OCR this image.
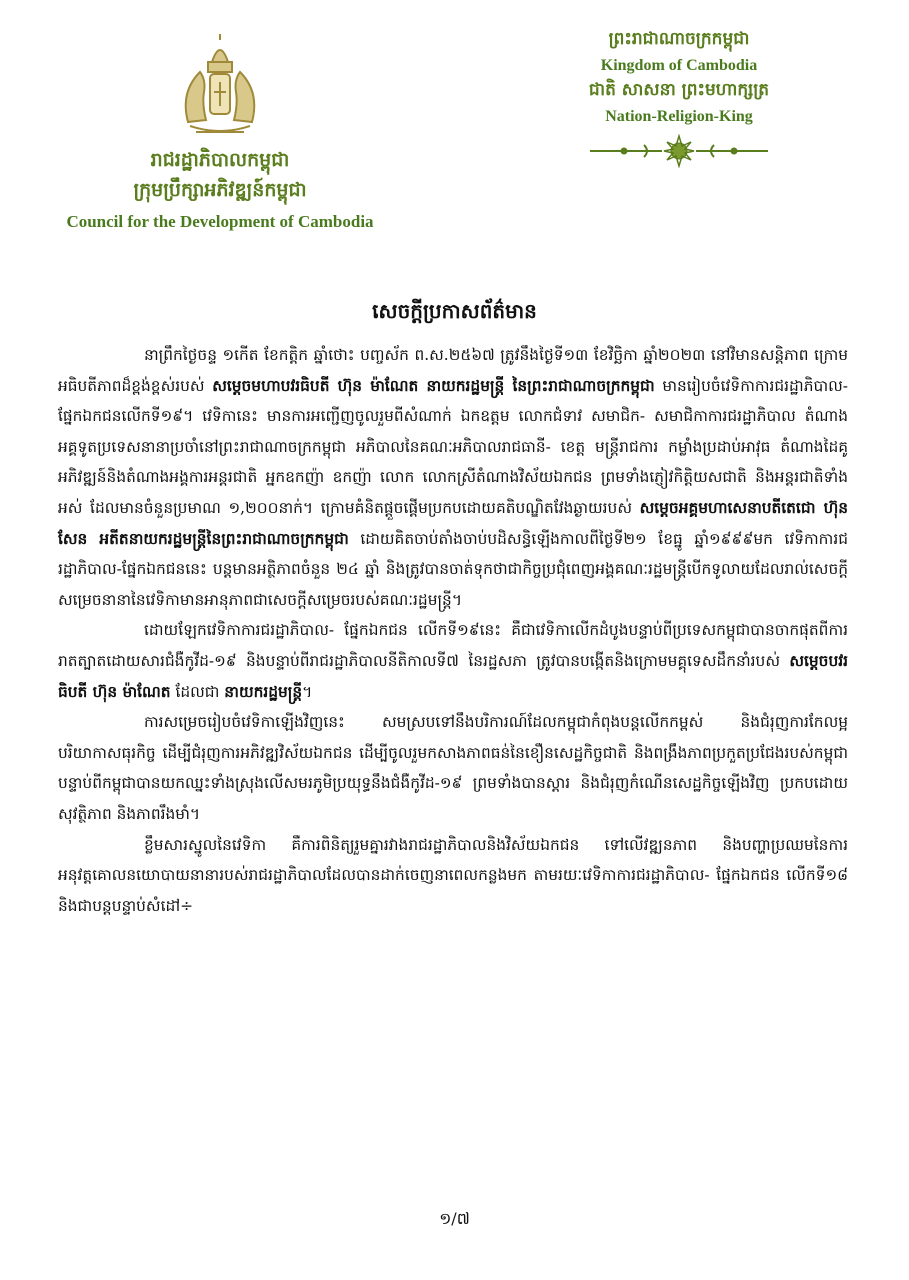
រាជរដ្ឋាភិបាលកម្ពុជា
ក្រុមប្រឹក្សាអភិវឌ្ឍន៍កម្ពុជា
Council for the Development of Cambodia
ព្រះរាជាណាចក្រកម្ពុជា
Kingdom of Cambodia
ជាតិ សាសនា ព្រះមហាក្សត្រ
Nation-Religion-King
សេចក្តីប្រកាសព័ត៌មាន

នាព្រឹកថ្ងៃចន្ទ ១កើត ខែកត្តិក ឆ្នាំថោះ បញ្ចស័ក ព.ស.២៥៦៧ ត្រូវនឹងថ្ងៃទី១៣ ខែវិច្ឆិកា ឆ្នាំ២០២៣ នៅវិមានសន្តិភាព ក្រោមអធិបតីភាពដ៏ខ្ពង់ខ្ពស់របស់ សម្តេចមហាបវរធិបតី ហ៊ុន ម៉ាណែត នាយករដ្ឋមន្ត្រី នៃព្រះរាជាណាចក្រកម្ពុជា មានរៀបចំវេទិកាការជរដ្ឋាភិបាល-ផ្នែកឯកជនលើកទី១៩។ វេទិកានេះ មានការអញ្ជើញចូលរួមពីសំណាក់ ឯកឧត្តម លោកជំទាវ សមាជិក- សមាជិកាការជរដ្ឋាភិបាល តំណាងអគ្គទូតប្រទេសនានាប្រចាំនៅព្រះរាជាណាចក្រកម្ពុជា អភិបាលនៃគណៈអភិបាលរាជធានី- ខេត្ត មន្ត្រីរាជការ កម្លាំងប្រដាប់អាវុធ តំណាងដៃគូអភិវឌ្ឍន៍និងតំណាងអង្គការអន្តរជាតិ អ្នកឧកញ៉ា ឧកញ៉ា លោក លោកស្រីតំណាងវិស័យឯកជន ព្រមទាំងភ្ញៀវកិត្តិយសជាតិ និងអន្តរជាតិទាំងអស់ ដែលមានចំនួនប្រមាណ ១,២០០នាក់។ ក្រោមគំនិតផ្តួចផ្តើមប្រកបដោយគតិបណ្ឌិតវែងឆ្ងាយរបស់ សម្តេចអគ្គមហាសេនាបតីតេជោ ហ៊ុន សែន អតីតនាយករដ្ឋមន្ត្រីនៃព្រះរាជាណាចក្រកម្ពុជា ដោយគិតចាប់តាំងចាប់បដិសន្ធិឡើងកាលពីថ្ងៃទី២១ ខែធ្នូ ឆ្នាំ១៩៩៩មក វេទិកាការជរដ្ឋាភិបាល-ផ្នែកឯកជននេះ បន្តមានអត្ថិភាពចំនួន ២៤ ឆ្នាំ និងត្រូវបានចាត់ទុកថាជាកិច្ចប្រជុំពេញអង្គគណៈរដ្ឋមន្ត្រីបើកទូលាយដែលរាល់សេចក្តីសម្រេចនានានៃវេទិកាមានអានុភាពជាសេចក្តីសម្រេចរបស់គណៈរដ្ឋមន្ត្រី។

ដោយឡែកវេទិកាការជរដ្ឋាភិបាល- ផ្នែកឯកជន លើកទី១៩នេះ គឺជាវេទិកាលើកដំបូងបន្ទាប់ពីប្រទេសកម្ពុជាបានចាកផុតពីការរាតត្បាតដោយសារជំងឺកូវីដ-១៩ និងបន្ទាប់ពីរាជរដ្ឋាភិបាលនីតិកាលទី៧ នៃរដ្ឋសភា ត្រូវបានបង្កើតនិងក្រោមមគ្គុទេសដឹកនាំរបស់ សម្តេចបវរធិបតី ហ៊ុន ម៉ាណែត ដែលជា នាយករដ្ឋមន្ត្រី។

ការសម្រេចរៀបចំវេទិកាឡើងវិញនេះ សមស្របទៅនឹងបរិការណ៍ដែលកម្ពុជាកំពុងបន្តលើកកម្ពស់ និងជំរុញការកែលម្អបរិយាកាសធុរកិច្ច ដើម្បីជំរុញការអភិវឌ្ឍវិស័យឯកជន ដើម្បីចូលរួមកសាងភាពធន់នៃខឿនសេដ្ឋកិច្ចជាតិ និងពង្រឹងភាពប្រកួតប្រជែងរបស់កម្ពុជា បន្ទាប់ពីកម្ពុជាបានយកឈ្នះទាំងស្រុងលើសមរភូមិប្រយុទ្ធនឹងជំងឺកូវីដ-១៩ ព្រមទាំងបានស្តារ និងជំរុញកំណើនសេដ្ឋកិច្ចឡើងវិញ ប្រកបដោយសុវត្ថិភាព និងភាពរឹងមាំ។

ខ្លឹមសារស្នូលនៃវេទិកា គឺការពិនិត្យរួមគ្នារវាងរាជរដ្ឋាភិបាលនិងវិស័យឯកជន ទៅលើវឌ្ឍនភាព និងបញ្ហាប្រឈមនៃការអនុវត្តគោលនយោបាយនានារបស់រាជរដ្ឋាភិបាលដែលបានដាក់ចេញនាពេលកន្លងមក តាមរយៈវេទិកាការជរដ្ឋាភិបាល- ផ្នែកឯកជន លើកទី១៨ និងជាបន្តបន្ទាប់សំដៅ÷

១/៧
